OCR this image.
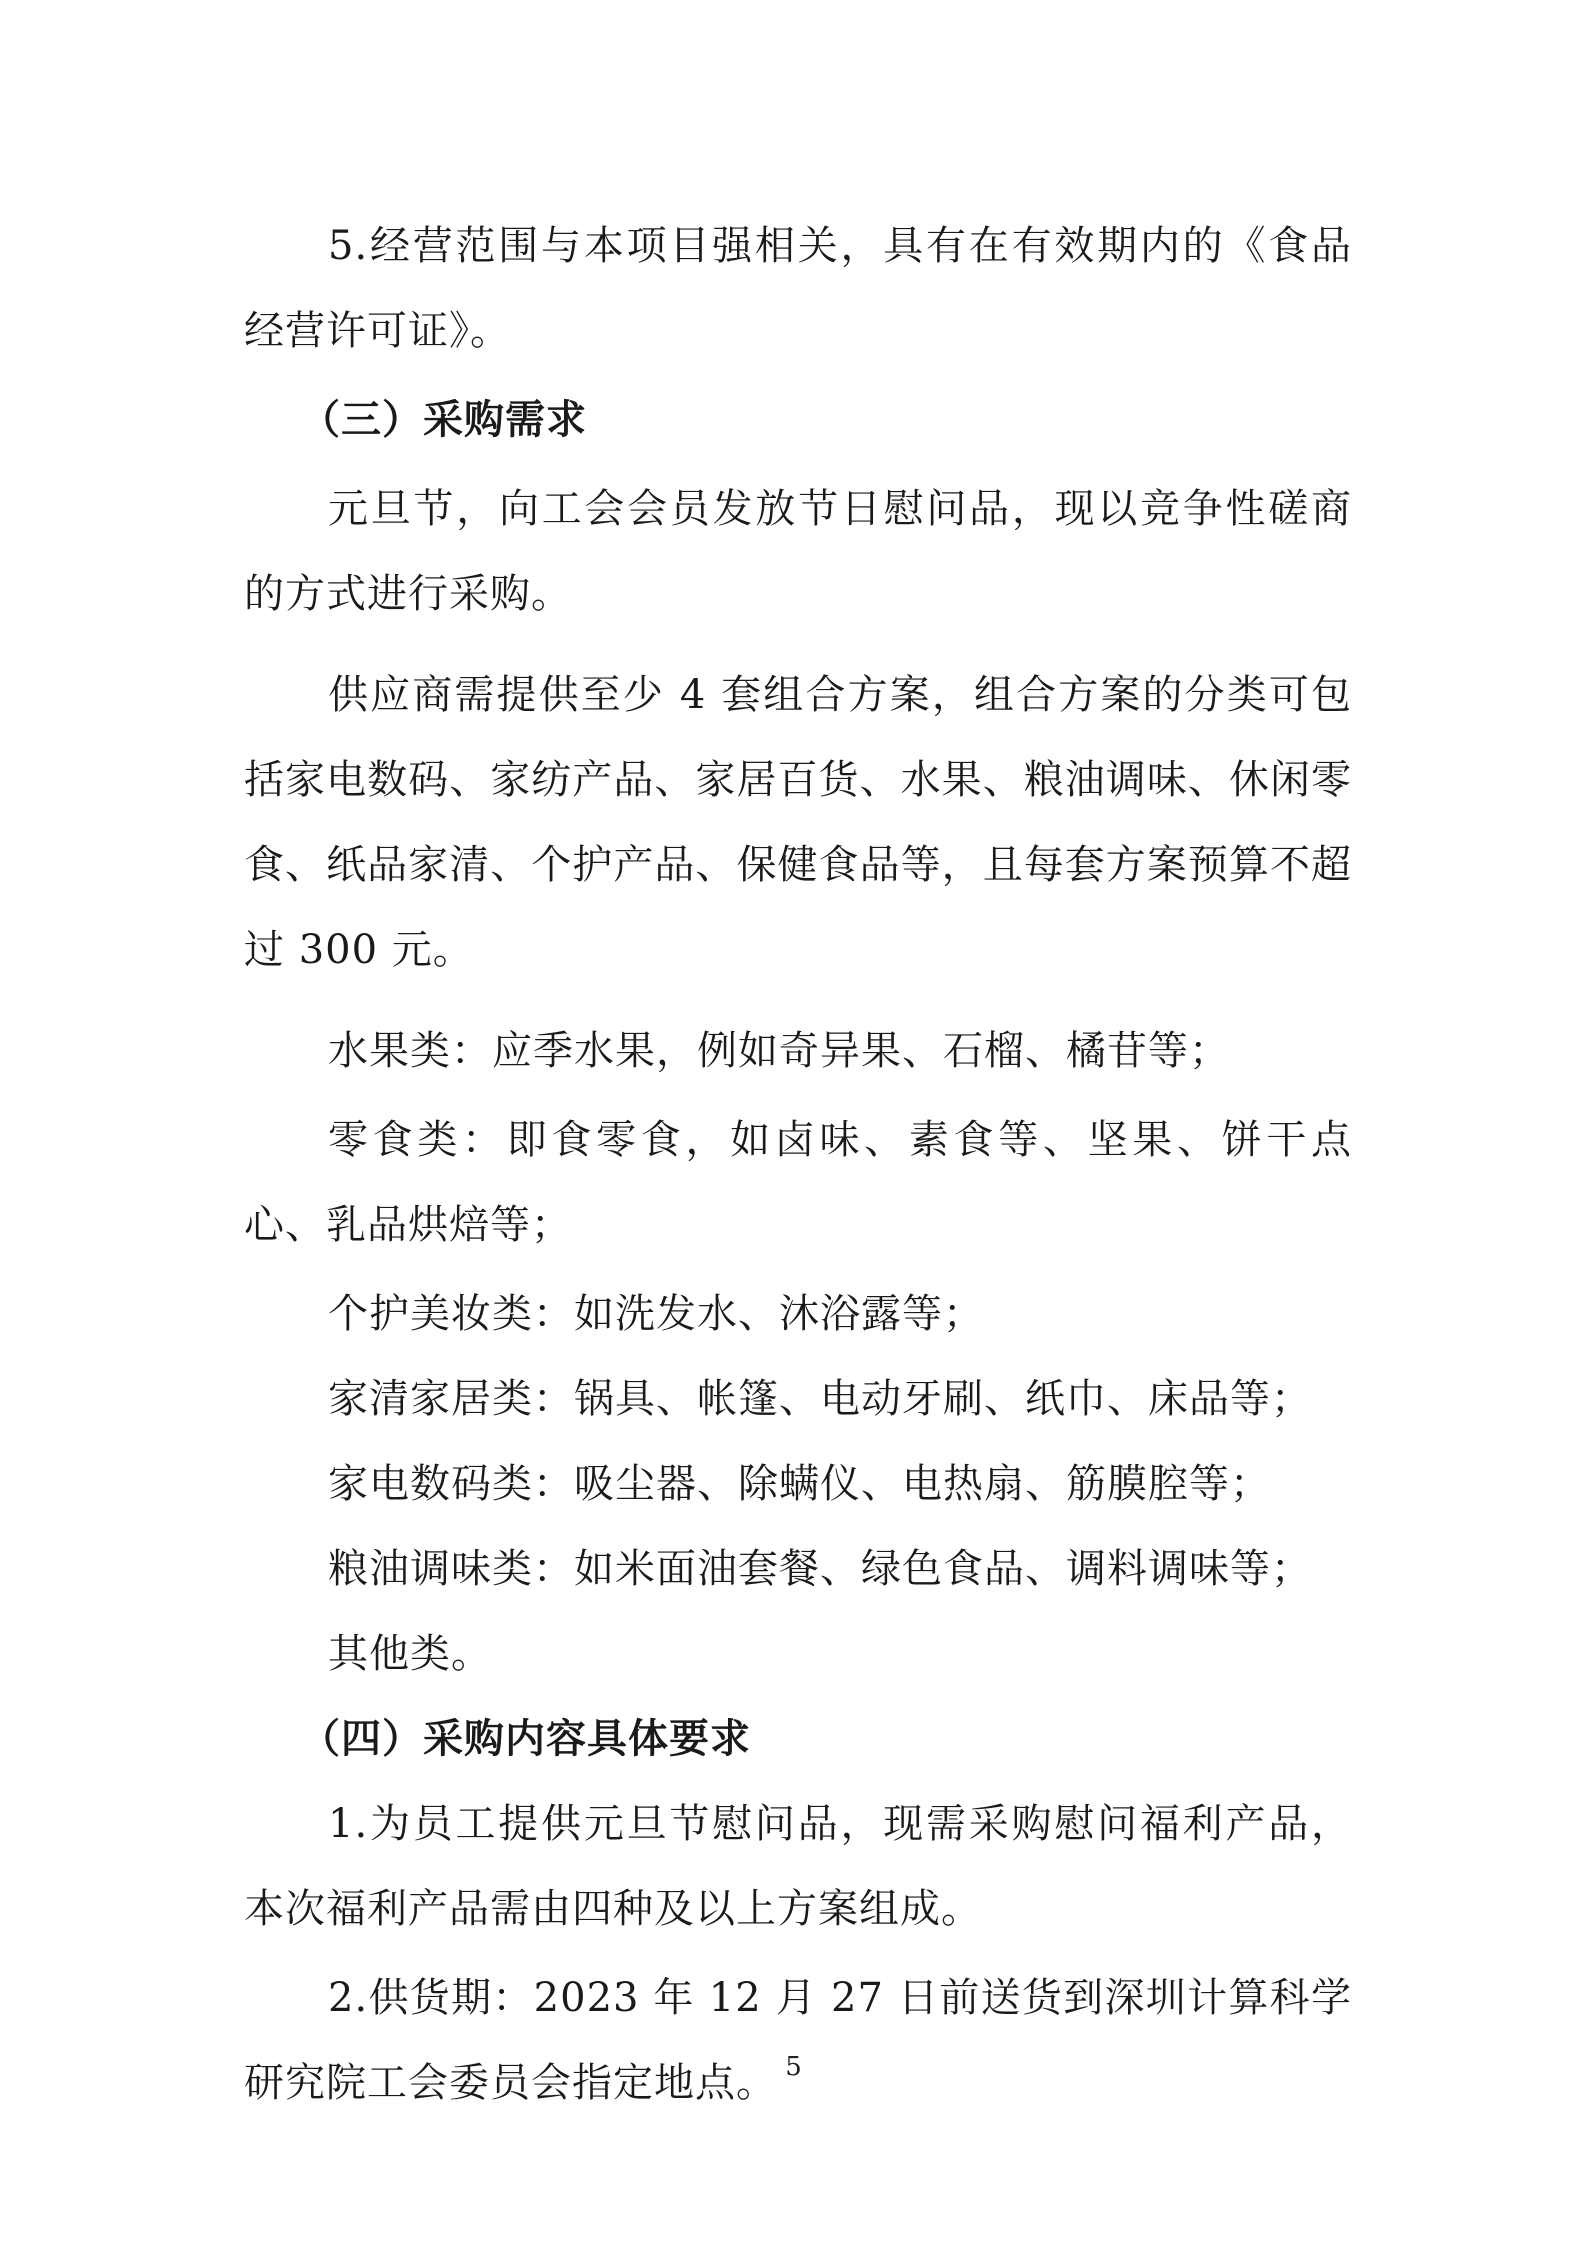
5.经营范围与本项目强相关，具有在有效期内的《食品经营许可证》。

（三）采购需求

元旦节，向工会会员发放节日慰问品，现以竞争性磋商的方式进行采购。

供应商需提供至少 4 套组合方案，组合方案的分类可包括家电数码、家纺产品、家居百货、水果、粮油调味、休闲零食、纸品家清、个护产品、保健食品等，且每套方案预算不超过 300 元。

水果类：应季水果，例如奇异果、石榴、橘苷等；

零食类：即食零食，如卤味、素食等、坚果、饼干点心、乳品烘焙等；

个护美妆类：如洗发水、沐浴露等；

家清家居类：锅具、帐篷、电动牙刷、纸巾、床品等；

家电数码类：吸尘器、除螨仪、电热扇、筋膜腔等；

粮油调味类：如米面油套餐、绿色食品、调料调味等；

其他类。

（四）采购内容具体要求

1.为员工提供元旦节慰问品，现需采购慰问福利产品，本次福利产品需由四种及以上方案组成。

2.供货期：2023 年 12 月 27 日前送货到深圳计算科学研究院工会委员会指定地点。 5
